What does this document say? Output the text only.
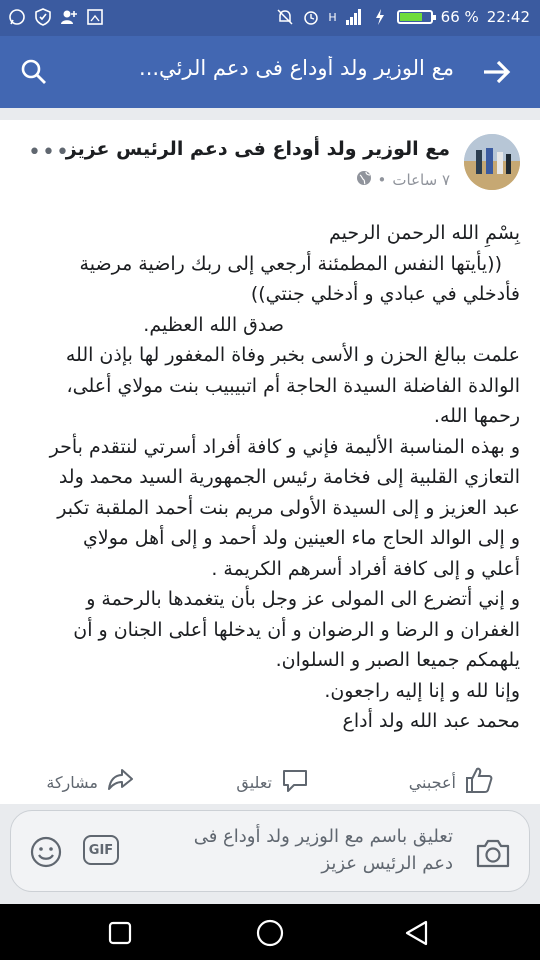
H	66 % 22:42
مع الوزير ولد أوداع فى دعم الرئي...
مع الوزير ولد أوداع فى دعم الرئيس عزيز
٧ ساعات
•
•••
بِسْمِ الله الرحمن الرحيم
((يأيتها النفس المطمئنة أرجعي إلى ربك راضية مرضية
فأدخلي في عبادي و أدخلي جنتي))
صدق الله العظيم.
علمت ببالغ الحزن و الأسى بخبر وفاة المغفور لها بإذن الله
الوالدة الفاضلة السيدة الحاجة أم اتبيبيب بنت مولاي أعلى،
رحمها الله.
و بهذه المناسبة الأليمة فإني و كافة أفراد أسرتي لنتقدم بأحر
التعازي القلبية إلى فخامة رئيس الجمهورية السيد محمد ولد
عبد العزيز و إلى السيدة الأولى مريم بنت أحمد الملقبة تكبر
و إلى الوالد الحاج ماء العينين ولد أحمد و إلى أهل مولاي
أعلي و إلى كافة أفراد أسرهم الكريمة .
و إني أتضرع الى المولى عز وجل بأن يتغمدها بالرحمة و
الغفران و الرضا و الرضوان و أن يدخلها أعلى الجنان و أن
يلهمكم جميعا الصبر و السلوان.
وإنا لله و إنا إليه راجعون.
محمد عبد الله ولد أداع
أعجبني
تعليق
مشاركة
تعليق باسم مع الوزير ولد أوداع فى
دعم الرئيس عزيز
GIF
